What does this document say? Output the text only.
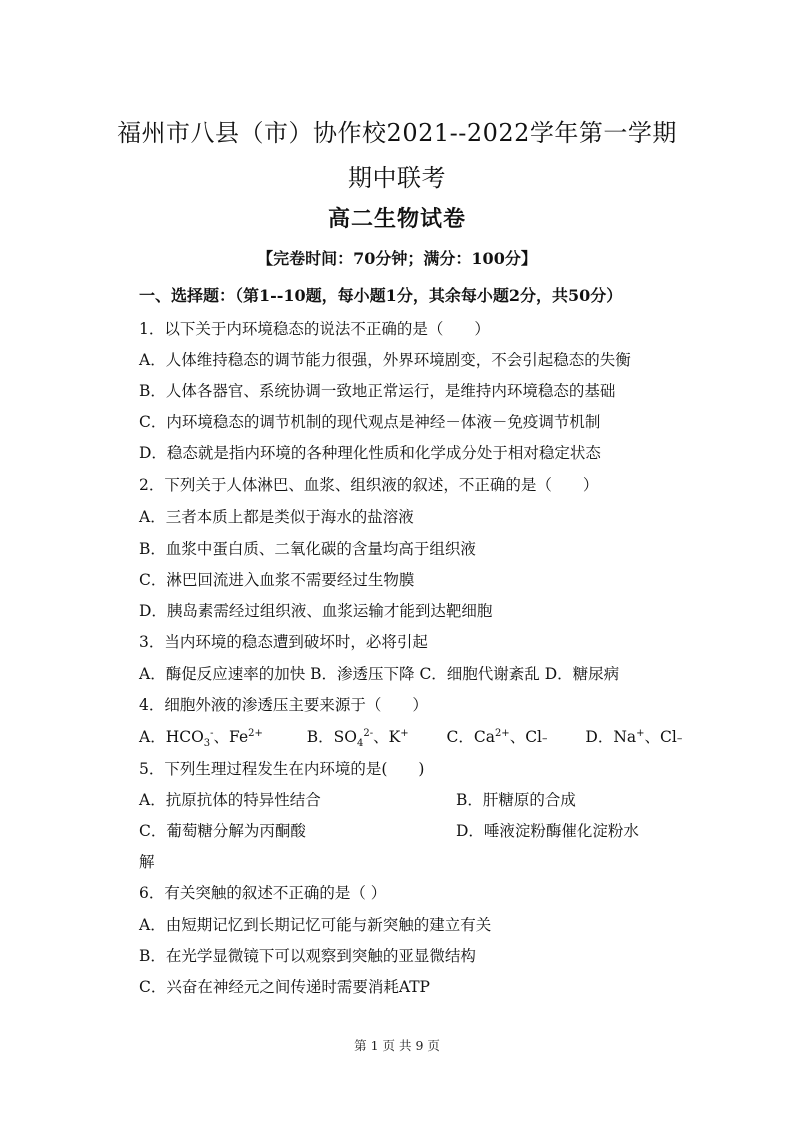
福州市八县（市）协作校2021--2022学年第一学期
期中联考
高二生物试卷
【完卷时间：70分钟；满分：100分】
一、选择题：（第1--10题，每小题1分，其余每小题2分，共50分）
1．以下关于内环境稳态的说法不正确的是（　　）
A．人体维持稳态的调节能力很强，外界环境剧变，不会引起稳态的失衡
B．人体各器官、系统协调一致地正常运行，是维持内环境稳态的基础
C．内环境稳态的调节机制的现代观点是神经－体液－免疫调节机制
D．稳态就是指内环境的各种理化性质和化学成分处于相对稳定状态
2．下列关于人体淋巴、血浆、组织液的叙述，不正确的是（　　）
A．三者本质上都是类似于海水的盐溶液
B．血浆中蛋白质、二氧化碳的含量均高于组织液
C．淋巴回流进入血浆不需要经过生物膜
D．胰岛素需经过组织液、血浆运输才能到达靶细胞
3．当内环境的稳态遭到破坏时，必将引起
A．酶促反应速率的加快 B．渗透压下降 C．细胞代谢紊乱 D．糖尿病
4．细胞外液的渗透压主要来源于（　　）
A．$HCO_3^-$、$Fe^{2+}$	B．$SO_4^{2-}$、K+ C．$Ca^{2+}$、Cl– D．Na+、Cl–
5．下列生理过程发生在内环境的是(　　)
A．抗原抗体的特异性结合	B．肝糖原的合成
C．葡萄糖分解为丙酮酸	D．唾液淀粉酶催化淀粉水
解
6．有关突触的叙述不正确的是（ ）
A．由短期记忆到长期记忆可能与新突触的建立有关
B．在光学显微镜下可以观察到突触的亚显微结构
C．兴奋在神经元之间传递时需要消耗ATP
第 1 页 共 9 页
